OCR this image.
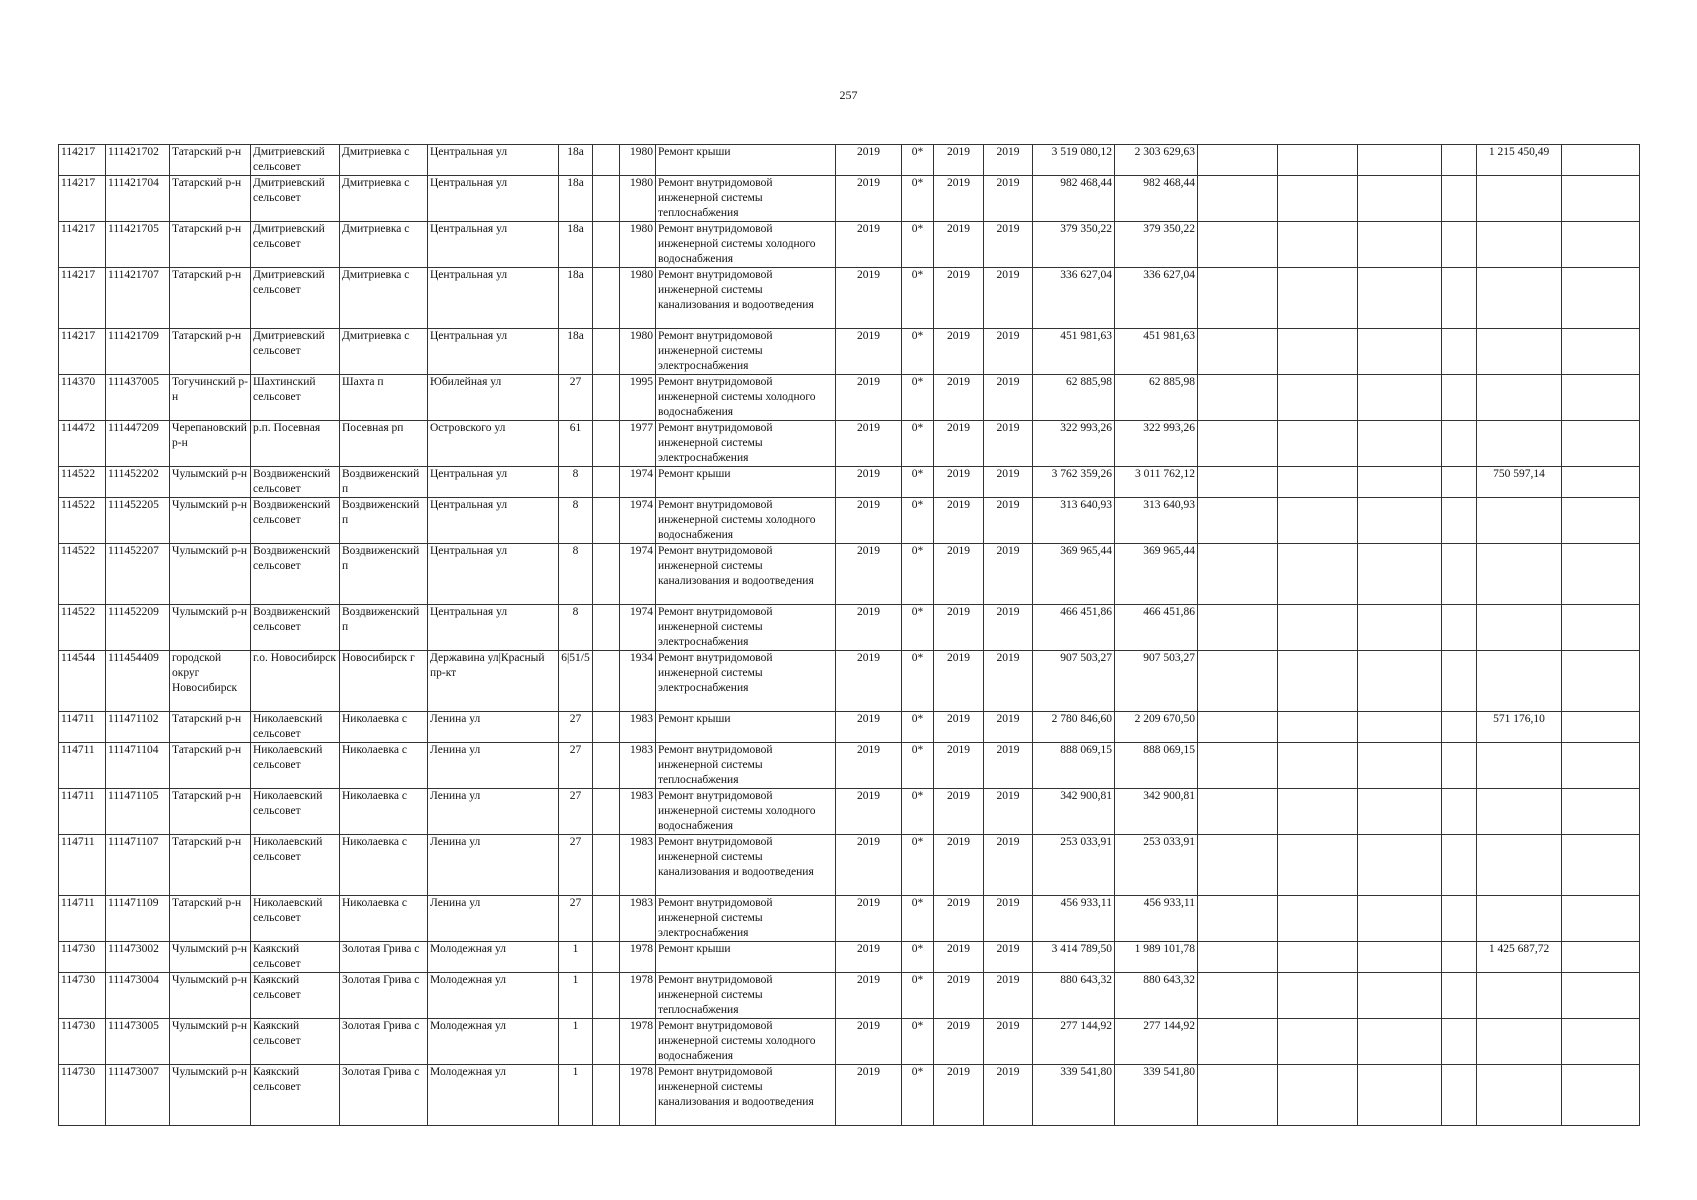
257
114217	111421702	Татарский р-н	Дмитриевский сельсовет	Дмитриевка с	Центральная ул	18а		1980	Ремонт крыши	2019	0*	2019	2019	3 519 080,12	2 303 629,63					1 215 450,49	
114217	111421704	Татарский р-н	Дмитриевский сельсовет	Дмитриевка с	Центральная ул	18а		1980	Ремонт внутридомовой инженерной системы теплоснабжения	2019	0*	2019	2019	982 468,44	982 468,44						
114217	111421705	Татарский р-н	Дмитриевский сельсовет	Дмитриевка с	Центральная ул	18а		1980	Ремонт внутридомовой инженерной системы холодного водоснабжения	2019	0*	2019	2019	379 350,22	379 350,22						
114217	111421707	Татарский р-н	Дмитриевский сельсовет	Дмитриевка с	Центральная ул	18а		1980	Ремонт внутридомовой инженерной системы канализования и водоотведения	2019	0*	2019	2019	336 627,04	336 627,04						
114217	111421709	Татарский р-н	Дмитриевский сельсовет	Дмитриевка с	Центральная ул	18а		1980	Ремонт внутридомовой инженерной системы электроснабжения	2019	0*	2019	2019	451 981,63	451 981,63						
114370	111437005	Тогучинский р-н	Шахтинский сельсовет	Шахта п	Юбилейная ул	27		1995	Ремонт внутридомовой инженерной системы холодного водоснабжения	2019	0*	2019	2019	62 885,98	62 885,98						
114472	111447209	Черепановский р-н	р.п. Посевная	Посевная рп	Островского ул	61		1977	Ремонт внутридомовой инженерной системы электроснабжения	2019	0*	2019	2019	322 993,26	322 993,26						
114522	111452202	Чулымский р-н	Воздвиженский сельсовет	Воздвиженский п	Центральная ул	8		1974	Ремонт крыши	2019	0*	2019	2019	3 762 359,26	3 011 762,12					750 597,14	
114522	111452205	Чулымский р-н	Воздвиженский сельсовет	Воздвиженский п	Центральная ул	8		1974	Ремонт внутридомовой инженерной системы холодного водоснабжения	2019	0*	2019	2019	313 640,93	313 640,93						
114522	111452207	Чулымский р-н	Воздвиженский сельсовет	Воздвиженский п	Центральная ул	8		1974	Ремонт внутридомовой инженерной системы канализования и водоотведения	2019	0*	2019	2019	369 965,44	369 965,44						
114522	111452209	Чулымский р-н	Воздвиженский сельсовет	Воздвиженский п	Центральная ул	8		1974	Ремонт внутридомовой инженерной системы электроснабжения	2019	0*	2019	2019	466 451,86	466 451,86						
114544	111454409	городской округ Новосибирск	г.о. Новосибирск	Новосибирск г	Державина ул|Красный пр-кт	6|51/5		1934	Ремонт внутридомовой инженерной системы электроснабжения	2019	0*	2019	2019	907 503,27	907 503,27						
114711	111471102	Татарский р-н	Николаевский сельсовет	Николаевка с	Ленина ул	27		1983	Ремонт крыши	2019	0*	2019	2019	2 780 846,60	2 209 670,50					571 176,10	
114711	111471104	Татарский р-н	Николаевский сельсовет	Николаевка с	Ленина ул	27		1983	Ремонт внутридомовой инженерной системы теплоснабжения	2019	0*	2019	2019	888 069,15	888 069,15						
114711	111471105	Татарский р-н	Николаевский сельсовет	Николаевка с	Ленина ул	27		1983	Ремонт внутридомовой инженерной системы холодного водоснабжения	2019	0*	2019	2019	342 900,81	342 900,81						
114711	111471107	Татарский р-н	Николаевский сельсовет	Николаевка с	Ленина ул	27		1983	Ремонт внутридомовой инженерной системы канализования и водоотведения	2019	0*	2019	2019	253 033,91	253 033,91						
114711	111471109	Татарский р-н	Николаевский сельсовет	Николаевка с	Ленина ул	27		1983	Ремонт внутридомовой инженерной системы электроснабжения	2019	0*	2019	2019	456 933,11	456 933,11						
114730	111473002	Чулымский р-н	Каякский сельсовет	Золотая Грива с	Молодежная ул	1		1978	Ремонт крыши	2019	0*	2019	2019	3 414 789,50	1 989 101,78					1 425 687,72	
114730	111473004	Чулымский р-н	Каякский сельсовет	Золотая Грива с	Молодежная ул	1		1978	Ремонт внутридомовой инженерной системы теплоснабжения	2019	0*	2019	2019	880 643,32	880 643,32						
114730	111473005	Чулымский р-н	Каякский сельсовет	Золотая Грива с	Молодежная ул	1		1978	Ремонт внутридомовой инженерной системы холодного водоснабжения	2019	0*	2019	2019	277 144,92	277 144,92						
114730	111473007	Чулымский р-н	Каякский сельсовет	Золотая Грива с	Молодежная ул	1		1978	Ремонт внутридомовой инженерной системы канализования и водоотведения	2019	0*	2019	2019	339 541,80	339 541,80						
